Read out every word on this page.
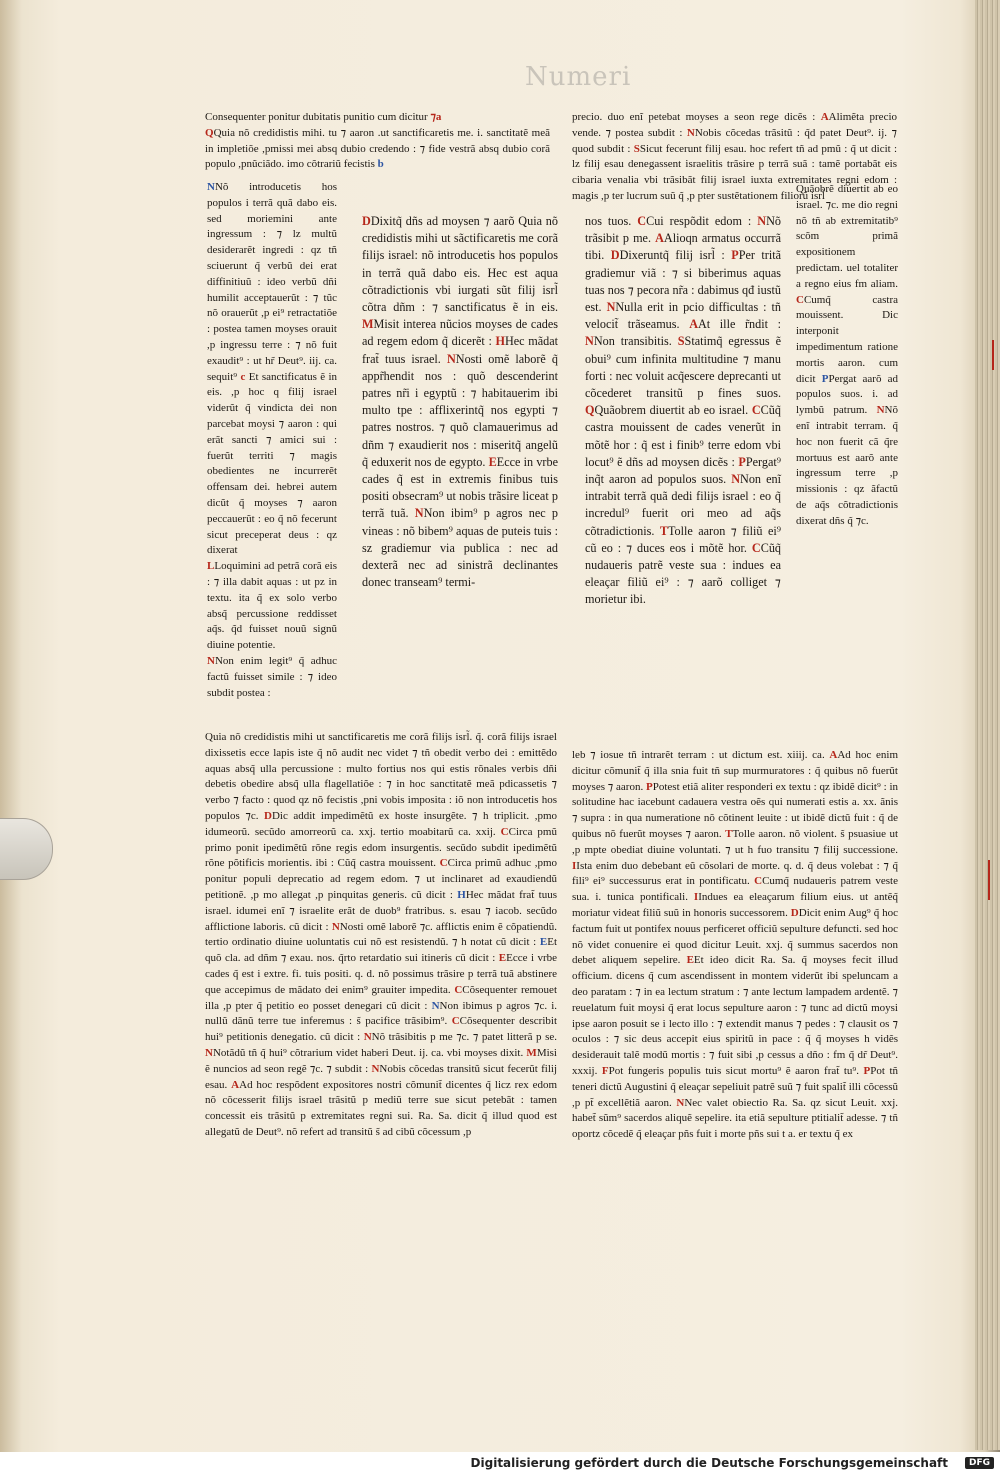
Numeri

Consequenter ponitur dubitatis punitio cum dicitur ⁊a

QQuia nõ credidistis mihi. tu ⁊ aaron .ut sanctificaretis me. i. sanctitatẽ meã in impletiõe ,pmissi mei absq dubio credendo : ⁊ fide vestrã absq dubio corã populo ,pnũciãdo. imo cõtrariũ fecistis b

NNõ introducetis hos populos i terrã quã dabo eis. sed moriemini ante ingressum : ⁊ lz multũ desiderarẽt ingredi : qz tñ sciuerunt q̃ verbũ dei erat diffinitiuũ : ideo verbũ dñi humilit acceptauerũt : ⁊ tũc nõ orauerũt ,p ei⁹ retractatiõe : postea tamen moyses orauit ,p ingressu terre : ⁊ nõ fuit exaudit⁹ : ut hr̃ Deut⁹. iij. ca. sequit⁹ c Et sanctificatus ẽ in eis. ,p hoc q filij israel viderũt q̃ vindicta dei non parcebat moysi ⁊ aaron : qui erãt sancti ⁊ amici sui : fuerũt territi ⁊ magis obedientes ne incurrerẽt offensam dei. hebrei autem dicũt q̃ moyses ⁊ aaron peccauerũt : eo q̃ nõ fecerunt sicut preceperat deus : qz dixerat

LLoquimini ad petrã corã eis : ⁊ illa dabit aquas : ut pz in textu. ita q̃ ex solo verbo absq̃ percussione reddisset aq̃s. q̃d fuisset nouũ signũ diuine potentie.

NNon enim legit⁹ q̃ adhuc factũ fuisset simile : ⁊ ideo subdit postea :

DDixitq̃ dñs ad moysen ⁊ aarõ Quia nõ credidistis mihi ut sãctificaretis me corã filijs israel: nõ introducetis hos populos in terrã quã dabo eis. Hec est aqua cõtradictionis vbi iurgati sũt filij isrl̃ cõtra dñm : ⁊ sanctificatus ẽ in eis. MMisit interea nũcios moyses de cades ad regem edom q̃ dicerẽt : HHec mãdat frat̃ tuus israel. NNosti omẽ laborẽ q̃ appr̃hendit nos : quõ descenderint patres nr̃i i egyptũ : ⁊ habitauerim ibi multo tpe : afflixerintq̃ nos egypti ⁊ patres nostros. ⁊ quõ clamauerimus ad dñm ⁊ exaudierit nos : miseritq̃ angelũ q̃ eduxerit nos de egypto. EEcce in vrbe cades q̃ est in extremis finibus tuis positi obsecram⁹ ut nobis trãsire liceat p terrã tuã. NNon ibim⁹ p agros nec p vineas : nõ bibem⁹ aquas de puteis tuis : sz gradiemur via publica : nec ad dexterã nec ad sinistrã declinantes donec transeam⁹ termi-

nos tuos. CCui respõdit edom : NNõ trãsibit p me. AAlioqn armatus occurrã tibi. DDixeruntq̃ filij isrl̃ : PPer tritã gradiemur viã : ⁊ si biberimus aquas tuas nos ⁊ pecora nr̃a : dabimus qđ iustũ est. NNulla erit in pcio difficultas : tñ velocit̃ trãseamus. AAt ille r̃ndit : NNon transibitis. SStatimq̃ egressus ẽ obui⁹ cum infinita multitudine ⁊ manu forti : nec voluit acq̃escere deprecanti ut cõcederet transitũ p fines suos. QQuãobrem diuertit ab eo israel. CCũq̃ castra mouissent de cades venerũt in mõtẽ hor : q̃ est i finib⁹ terre edom vbi locut⁹ ẽ dñs ad moysen dicẽs : PPergat⁹ inq̃t aaron ad populos suos. NNon enĩ intrabit terrã quã dedi filijs israel : eo q̃ incredul⁹ fuerit ori meo ad aq̃s cõtradictionis. TTolle aaron ⁊ filiũ ei⁹ cũ eo : ⁊ duces eos i mõtẽ hor. CCũq̃ nudaueris patrẽ veste sua : indues ea eleaçar filiũ ei⁹ : ⁊ aarõ colliget ⁊ morietur ibi.

precio. duo enĩ petebat moyses a seon rege dicẽs : AAlimẽta precio vende. ⁊ postea subdit : NNobis cõcedas trãsitũ : q̃d patet Deut⁹. ij. ⁊ quod subdit : SSicut fecerunt filij esau. hoc refert tñ ad pmũ : q̃ ut dicit : lz filij esau denegassent israelitis trãsire p terrã suã : tamẽ portabãt eis cibaria venalia vbi trãsibãt filij israel iuxta extremitates regni edom : magis ,p ter lucrum suũ q̃ ,p pter sustẽtationem filiorũ isrl̃

Quãobrẽ diuertit ab eo israel. ⁊c. me dio regni nõ tñ ab extremitatib⁹ scõm primã expositionem predictam. uel totaliter a regno eius fm aliam. CCumq̃ castra mouissent.	Dic interponit impedimentum ratione mortis aaron. cum dicit PPergat aarõ ad populos suos. i. ad lymbũ patrum. NNõ enĩ intrabit terram. q̃ hoc non fuerit cã q̃re mortuus est aarõ ante ingressum terre ,p missionis : qz ãfactũ de aq̃s cõtradictionis dixerat dñs q̃ ⁊c.

Quia nõ credidistis mihi ut sanctificaretis me corã filijs isrl̃. q̃. corã filijs israel dixissetis ecce lapis iste q̃ nõ audit nec videt ⁊ tñ obedit verbo dei : emittẽdo aquas absq̃ ulla percussione : multo fortius nos qui estis rõnales verbis dñi debetis obedire absq̃ ulla flagellatiõe : ⁊ in hoc sanctitatẽ meã pdicassetis ⁊ verbo ⁊ facto : quod qz nõ fecistis ,pni vobis imposita : iõ non introducetis hos populos ⁊c. DDic addit impedimẽtũ ex hoste insurgẽte. ⁊ h triplicit. ,pmo idumeorũ. secũdo amorreorũ ca. xxj. tertio moabitarũ ca. xxij. CCirca pmũ primo ponit ipedimẽtũ rõne regis edom insurgentis. secũdo subdit ipedimẽtũ rõne põtificis morientis. ibi : Cũq̃ castra mouissent. CCirca primũ adhuc ,pmo ponitur populi deprecatio ad regem edom. ⁊ ut inclinaret ad exaudiendũ petitionẽ. ,p mo allegat ,p pinquitas generis. cũ dicit : HHec mãdat frat̃ tuus israel. idumei enĩ ⁊ israelite erãt de duob⁹ fratribus. s. esau ⁊ iacob. secũdo afflictione laboris. cũ dicit : NNosti omẽ laborẽ ⁊c. afflictis enim ẽ cõpatiendũ. tertio ordinatio diuine uoluntatis cui nõ est resistendũ. ⁊ h notat cũ dicit : EEt quõ cla. ad dñm ⁊ exau. nos. q̃rto retardatio sui itineris cũ dicit : EEcce i vrbe cades q̃ est i extre. fi. tuis positi. q. d. nõ possimus trãsire p terrã tuã abstinere que accepimus de mãdato dei enim⁹ grauiter impedita. CCõsequenter remouet illa ,p pter q̃ petitio eo posset denegari cũ dicit : NNon ibimus p agros ⁊c. i. nullũ dãnũ terre tue inferemus : s̃ pacifice trãsibim⁹. CCõsequenter describit hui⁹ petitionis denegatio. cũ dicit : NNõ trãsibitis p me ⁊c. ⁊ patet litterã p se. NNotãdũ tñ q̃ hui⁹ cõtrarium videt haberi Deut. ij. ca. vbi moyses dixit. MMisi ẽ nuncios ad seon regẽ ⁊c. ⁊ subdit : NNobis cõcedas transitũ sicut fecerũt filij esau. AAd hoc respõdent expositores nostri cõmunit̃ dicentes q̃ licz rex edom nõ cõcesserit filijs israel trãsitũ p mediũ terre sue sicut petebãt : tamen concessit eis trãsitũ p extremitates regni sui. Ra. Sa. dicit q̃ illud quod est allegatũ de Deut⁹. nõ refert ad transitũ s̃ ad cibũ cõcessum ,p

leb ⁊ iosue tñ intrarẽt terram : ut dictum est. xiiij. ca. AAd hoc enim dicitur cõmunit̃ q̃ illa snia fuit tñ sup murmuratores : q̃ quibus nõ fuerũt moyses ⁊ aaron. PPotest etiã aliter responderi ex textu : qz ibidẽ dicit⁹ : in solitudine hac iacebunt cadauera vestra oẽs qui numerati estis a. xx. ãnis ⁊ supra : in qua numeratione nõ cõtinent leuite : ut ibidẽ dictũ fuit : q̃ de quibus nõ fuerũt moyses ⁊ aaron. TTolle aaron. nõ violent. s̃ psuasiue ut ,p mpte obediat diuine voluntati. ⁊ ut h fuo transitu ⁊ filij successione. IIsta enim duo debebant eũ cõsolari de morte. q. d. q̃ deus volebat : ⁊ q̃ fili⁹ ei⁹ successurus erat in pontificatu. CCumq̃ nudaueris patrem veste sua. i. tunica pontificali. IIndues ea eleaçarum filium eius. ut antẽq̃ moriatur videat filiũ suũ in honoris successorem. DDicit enim Aug⁹ q̃ hoc factum fuit ut pontifex nouus perficeret officiũ sepulture defuncti. sed hoc nõ videt conuenire ei quod dicitur Leuit. xxj. q̃ summus sacerdos non debet aliquem sepelire. EEt ideo dicit Ra. Sa. q̃ moyses fecit illud officium. dicens q̃ cum ascendissent in montem viderũt ibi speluncam a deo paratam : ⁊ in ea lectum stratum : ⁊ ante lectum lampadem ardentẽ. ⁊ reuelatum fuit moysi q̃ erat locus sepulture aaron : ⁊ tunc ad dictũ moysi ipse aaron posuit se i lecto illo : ⁊ extendit manus ⁊ pedes : ⁊ clausit os ⁊ oculos : ⁊ sic deus accepit eius spiritũ in pace : q̃ q̃ moyses h vidẽs desiderauit talẽ modũ mortis : ⁊ fuit sibi ,p cessus a dño : fm q̃ dr̃ Deut⁹. xxxij. FPot fungeris populis tuis sicut mortu⁹ ẽ aaron frat̃ tu⁹. PPot tñ teneri dictũ Augustini q̃ eleaçar sepeliuit patrẽ suũ ⁊ fuit spalit̃ illi cõcessũ ,p pt̃ excellẽtiã aaron. NNec valet obiectio Ra. Sa. qz sicut Leuit. xxj. habet̃ sũm⁹ sacerdos aliquẽ sepelire. ita etiã sepulture ptitialit̃ adesse. ⁊ tñ oportz cõcedẽ q̃ eleaçar pñs fuit i morte pñs sui t a. er textu q̃ ex

Digitalisierung gefördert durch die Deutsche Forschungsgemeinschaft	DFG
